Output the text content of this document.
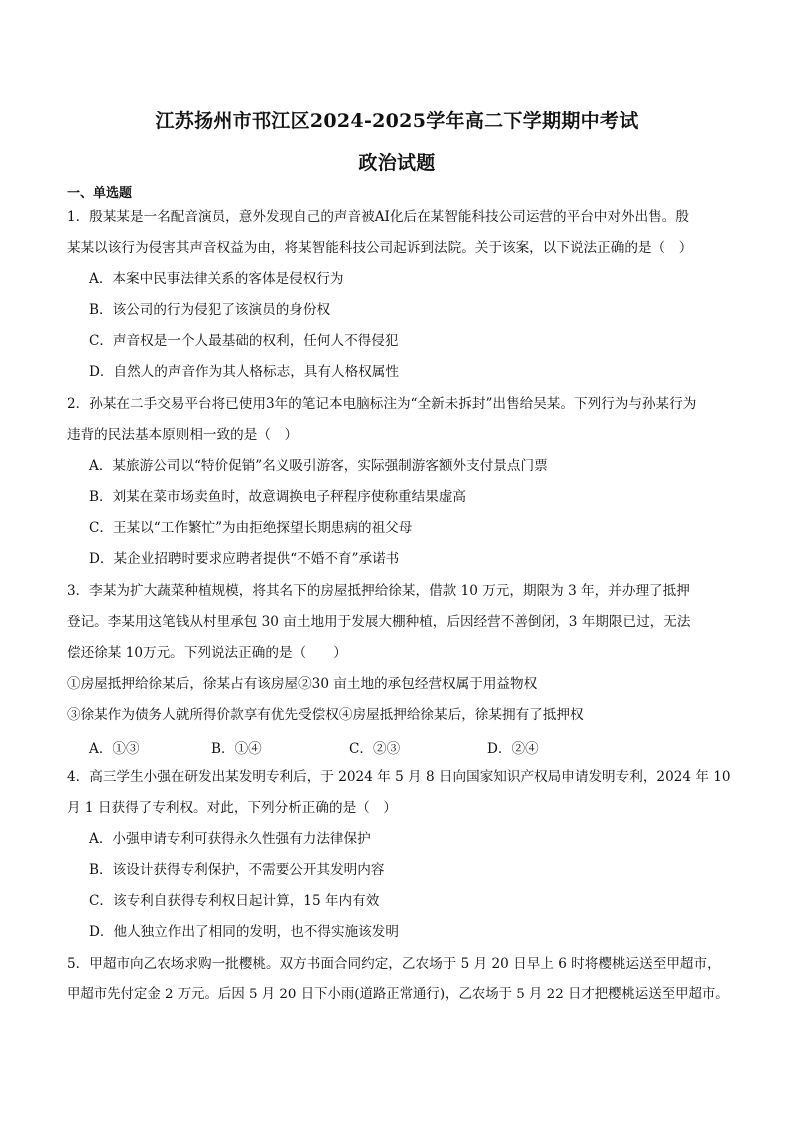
江苏扬州市邗江区2024-2025学年高二下学期期中考试
政治试题
一、单选题
1．殷某某是一名配音演员，意外发现自己的声音被AI化后在某智能科技公司运营的平台中对外出售。殷
某某以该行为侵害其声音权益为由，将某智能科技公司起诉到法院。关于该案，以下说法正确的是（　）
A．本案中民事法律关系的客体是侵权行为
B．该公司的行为侵犯了该演员的身份权
C．声音权是一个人最基础的权利，任何人不得侵犯
D．自然人的声音作为其人格标志，具有人格权属性
2．孙某在二手交易平台将已使用3年的笔记本电脑标注为“全新未拆封”出售给吴某。下列行为与孙某行为
违背的民法基本原则相一致的是（　）
A．某旅游公司以“特价促销”名义吸引游客，实际强制游客额外支付景点门票
B．刘某在菜市场卖鱼时，故意调换电子秤程序使称重结果虚高
C．王某以“工作繁忙”为由拒绝探望长期患病的祖父母
D．某企业招聘时要求应聘者提供“不婚不育”承诺书
3．李某为扩大蔬菜种植规模，将其名下的房屋抵押给徐某，借款 10 万元，期限为 3 年，并办理了抵押
登记。李某用这笔钱从村里承包 30 亩土地用于发展大棚种植，后因经营不善倒闭，3 年期限已过，无法
偿还徐某 10万元。下列说法正确的是（　　）
①房屋抵押给徐某后，徐某占有该房屋②30 亩土地的承包经营权属于用益物权
③徐某作为债务人就所得价款享有优先受偿权④房屋抵押给徐某后，徐某拥有了抵押权
A．①③	B．①④	C．②③	D．②④
4．高三学生小强在研发出某发明专利后，于 2024 年 5 月 8 日向国家知识产权局申请发明专利，2024 年 10
月 1 日获得了专利权。对此，下列分析正确的是（　）
A．小强申请专利可获得永久性强有力法律保护
B．该设计获得专利保护，不需要公开其发明内容
C．该专利自获得专利权日起计算，15 年内有效
D．他人独立作出了相同的发明，也不得实施该发明
5．甲超市向乙农场求购一批樱桃。双方书面合同约定，乙农场于 5 月 20 日早上 6 时将樱桃运送至甲超市，
甲超市先付定金 2 万元。后因 5 月 20 日下小雨(道路正常通行)，乙农场于 5 月 22 日才把樱桃运送至甲超市。
